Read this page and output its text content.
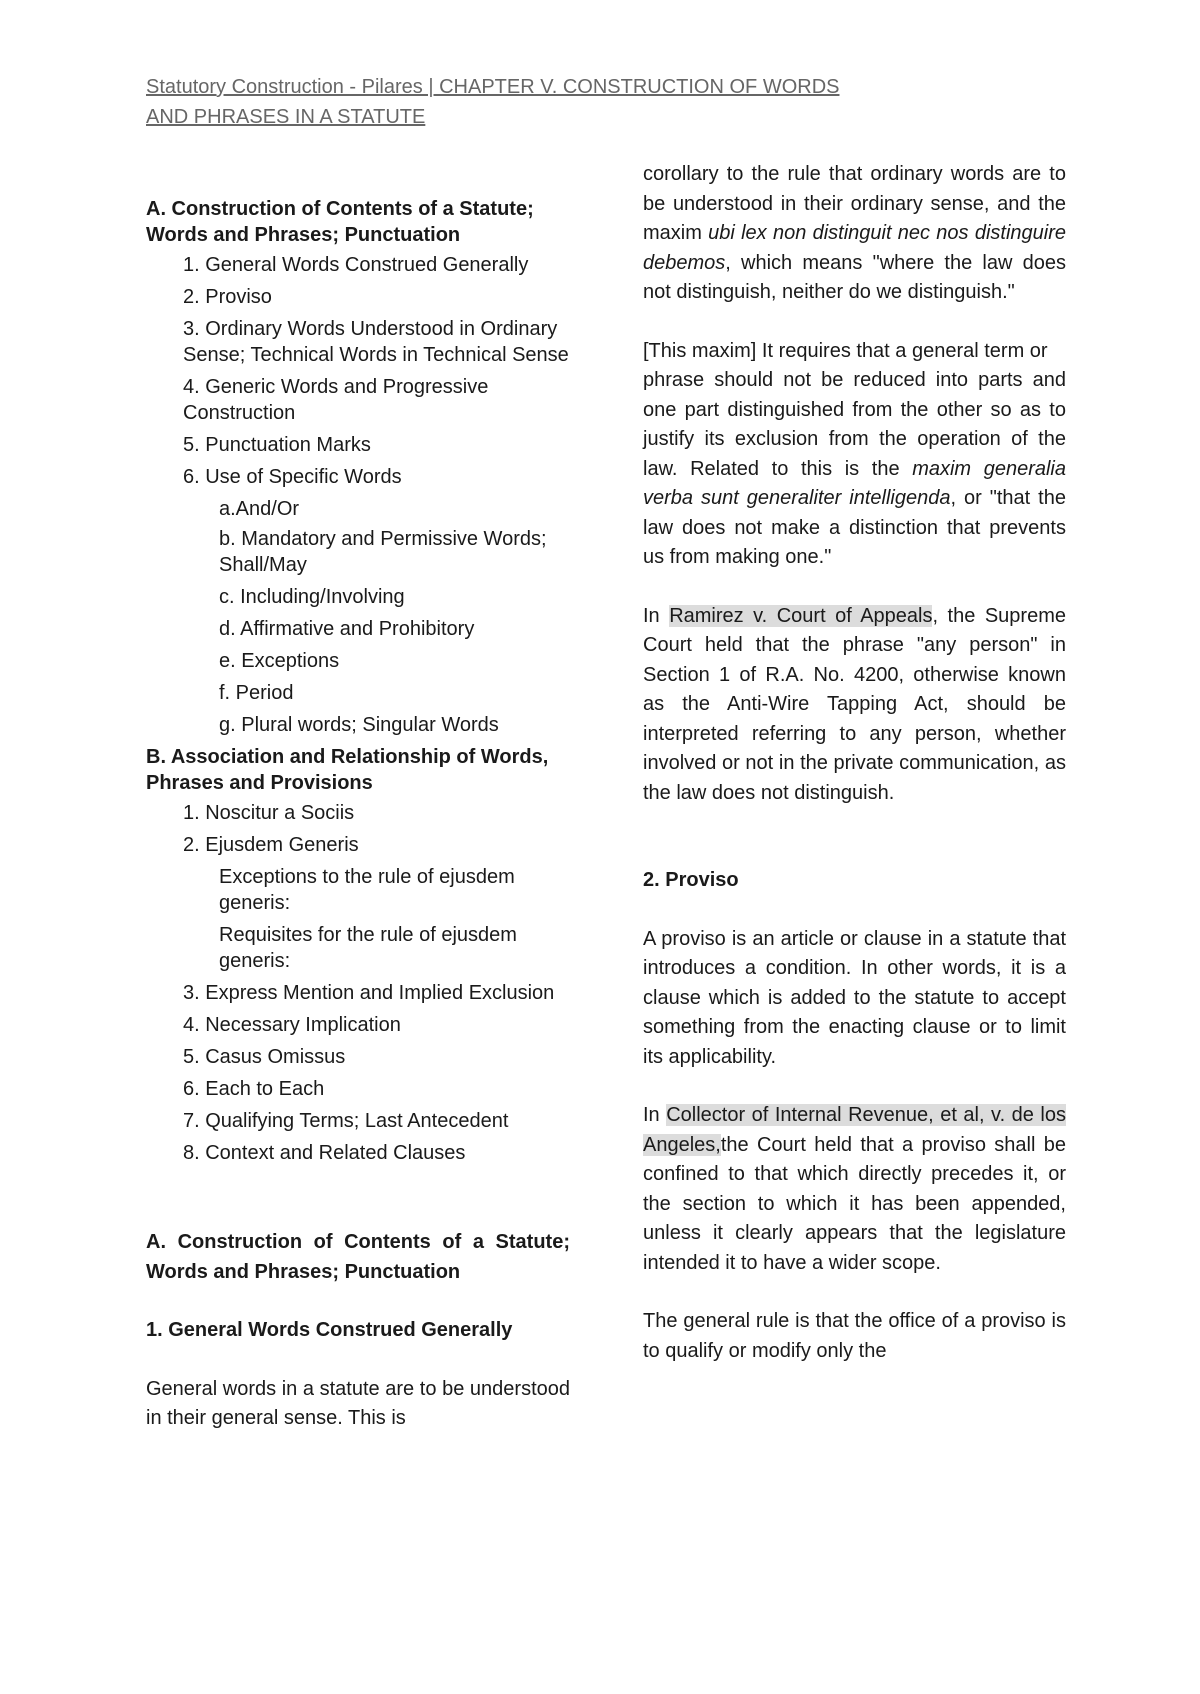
Statutory Construction - Pilares | CHAPTER V. CONSTRUCTION OF WORDS
AND PHRASES IN A STATUTE

A. Construction of Contents of a Statute; Words and Phrases; Punctuation

1. General Words Construed Generally

2. Proviso

3. Ordinary Words Understood in Ordinary Sense; Technical Words in Technical Sense

4. Generic Words and Progressive Construction

5. Punctuation Marks

6. Use of Specific Words

a.And/Or

b. Mandatory and Permissive Words; Shall/May

c. Including/Involving

d. Affirmative and Prohibitory

e. Exceptions

f. Period

g. Plural words; Singular Words

B. Association and Relationship of Words, Phrases and Provisions

1. Noscitur a Sociis

2. Ejusdem Generis

Exceptions to the rule of ejusdem generis:

Requisites for the rule of ejusdem generis:

3. Express Mention and Implied Exclusion

4. Necessary Implication

5. Casus Omissus

6. Each to Each

7. Qualifying Terms; Last Antecedent

8. Context and Related Clauses

A. Construction of Contents of a Statute; Words and Phrases; Punctuation

1. General Words Construed Generally

General words in a statute are to be understood in their general sense. This is

corollary to the rule that ordinary words are to be understood in their ordinary sense, and the maxim ubi lex non distinguit nec nos distinguire debemos, which means "where the law does not distinguish, neither do we distinguish."

[This maxim] It requires that a general term or

phrase should not be reduced into parts and one part distinguished from the other so as to justify its exclusion from the operation of the law. Related to this is the maxim generalia verba sunt generaliter intelligenda, or "that the law does not make a distinction that prevents us from making one."

In Ramirez v. Court of Appeals, the Supreme Court held that the phrase "any person" in Section 1 of R.A. No. 4200, otherwise known as the Anti-Wire Tapping Act, should be interpreted referring to any person, whether involved or not in the private communication, as the law does not distinguish.

2. Proviso

A proviso is an article or clause in a statute that introduces a condition. In other words, it is a clause which is added to the statute to accept something from the enacting clause or to limit its applicability.

In Collector of Internal Revenue, et al, v. de los Angeles,the Court held that a proviso shall be confined to that which directly precedes it, or the section to which it has been appended, unless it clearly appears that the legislature intended it to have a wider scope.

The general rule is that the office of a proviso is to qualify or modify only the
